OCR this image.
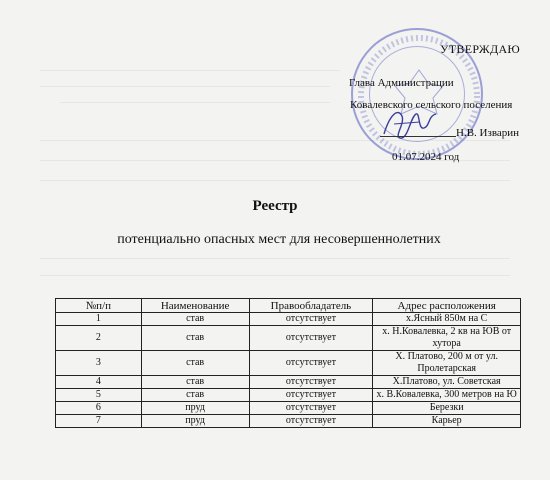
УТВЕРЖДАЮ
Глава Администрации
Ковалевского сельского поселения
Н.В. Изварин
01.07.2024 год
Реестр
потенциально опасных мест для несовершеннолетних
№п/п	Наименование	Правообладатель	Адрес расположения
1	став	отсутствует	х.Ясный 850м на С
2	став	отсутствует	х. Н.Ковалевка, 2 кв на ЮВ от хутора
3	став	отсутствует	Х. Платово, 200 м от ул. Пролетарская
4	став	отсутствует	Х.Платово, ул. Советская
5	став	отсутствует	х. В.Ковалевка, 300 метров на Ю
6	пруд	отсутствует	Березки
7	пруд	отсутствует	Карьер
